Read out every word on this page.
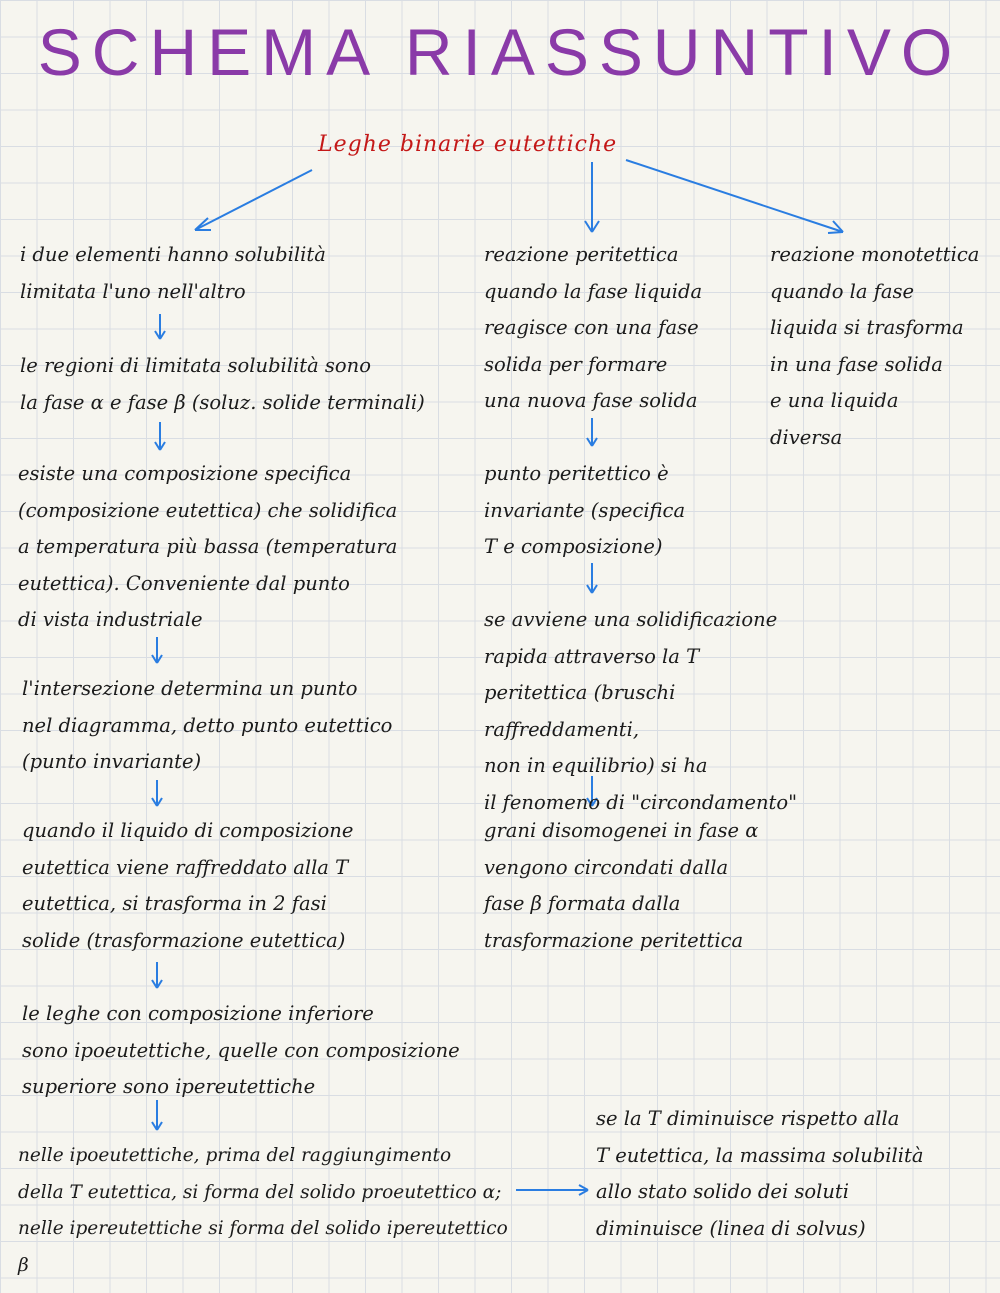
SCHEMA RIASSUNTIVO
Leghe binarie eutettiche

i due elementi hanno solubilità
limitata l'uno nell'altro

le regioni di limitata solubilità sono
la fase α e fase β (soluz. solide terminali)

esiste una composizione specifica
(composizione eutettica) che solidifica
a temperatura più bassa (temperatura
eutettica). Conveniente dal punto
di vista industriale

l'intersezione determina un punto
nel diagramma, detto punto eutettico
(punto invariante)

quando il liquido di composizione
eutettica viene raffreddato alla T
eutettica, si trasforma in 2 fasi
solide (trasformazione eutettica)

le leghe con composizione inferiore
sono ipoeutettiche, quelle con composizione
superiore sono ipereutettiche

nelle ipoeutettiche, prima del raggiungimento
della T eutettica, si forma del solido proeutettico α;
nelle ipereutettiche si forma del solido ipereutettico β

reazione peritettica
quando la fase liquida
reagisce con una fase
solida per formare
una nuova fase solida

punto peritettico è
invariante (specifica
T e composizione)

se avviene una solidificazione
rapida attraverso la T
peritettica (bruschi raffreddamenti,
non in equilibrio) si ha
il fenomeno di "circondamento"

grani disomogenei in fase α
vengono circondati dalla
fase β formata dalla
trasformazione peritettica

reazione monotettica
quando la fase
liquida si trasforma
in una fase solida
e una liquida
diversa

se la T diminuisce rispetto alla
T eutettica, la massima solubilità
allo stato solido dei soluti
diminuisce (linea di solvus)
